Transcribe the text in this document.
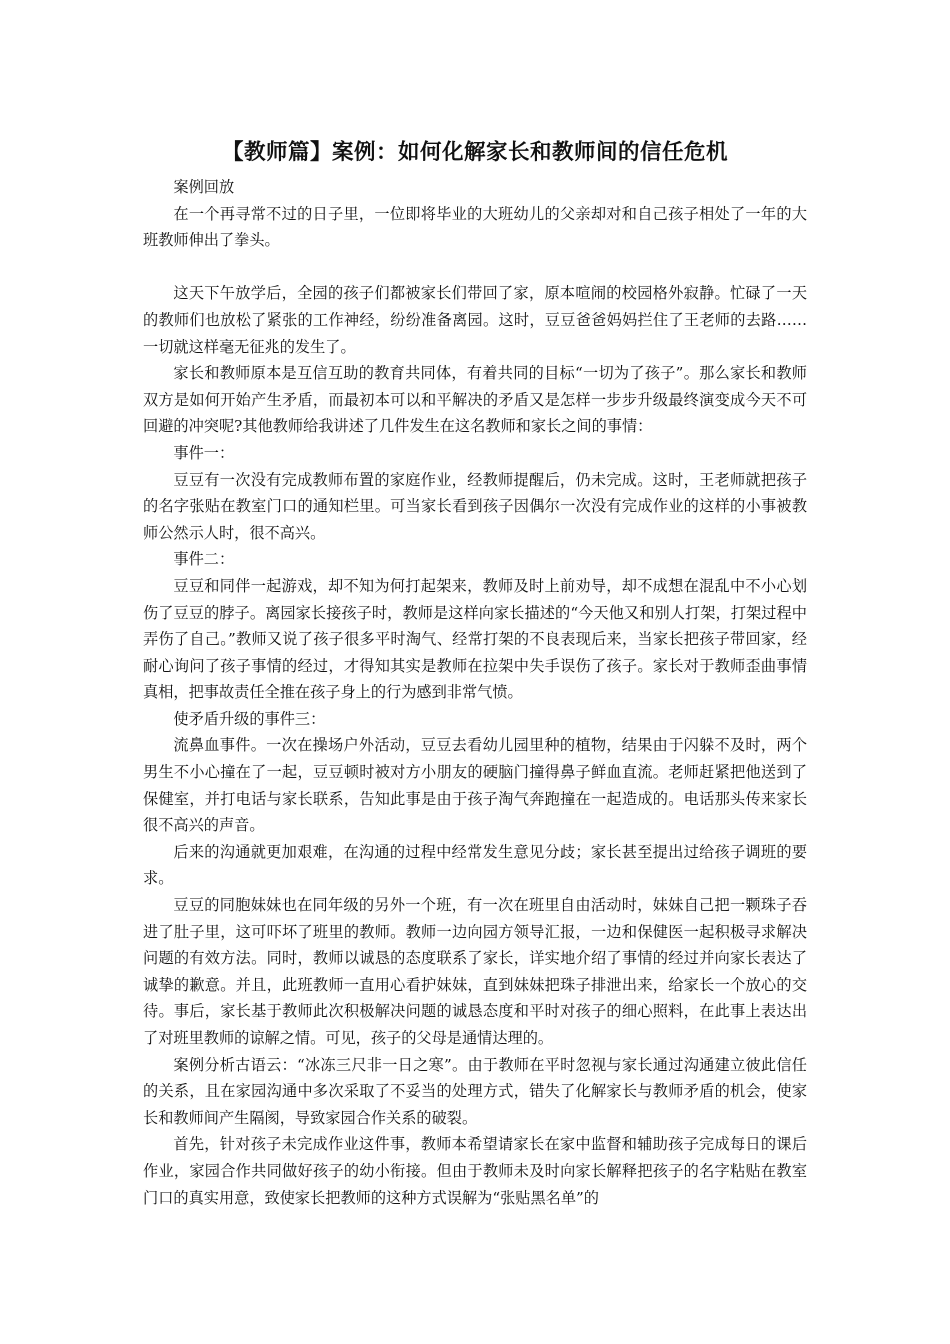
【教师篇】案例：如何化解家长和教师间的信任危机

案例回放

在一个再寻常不过的日子里，一位即将毕业的大班幼儿的父亲却对和自己孩子相处了一年的大班教师伸出了拳头。

这天下午放学后，全园的孩子们都被家长们带回了家，原本喧闹的校园格外寂静。忙碌了一天的教师们也放松了紧张的工作神经，纷纷准备离园。这时，豆豆爸爸妈妈拦住了王老师的去路……一切就这样毫无征兆的发生了。

家长和教师原本是互信互助的教育共同体，有着共同的目标“一切为了孩子”。那么家长和教师双方是如何开始产生矛盾，而最初本可以和平解决的矛盾又是怎样一步步升级最终演变成今天不可回避的冲突呢?其他教师给我讲述了几件发生在这名教师和家长之间的事情：

事件一：

豆豆有一次没有完成教师布置的家庭作业，经教师提醒后，仍未完成。这时，王老师就把孩子的名字张贴在教室门口的通知栏里。可当家长看到孩子因偶尔一次没有完成作业的这样的小事被教师公然示人时，很不高兴。

事件二：

豆豆和同伴一起游戏，却不知为何打起架来，教师及时上前劝导，却不成想在混乱中不小心划伤了豆豆的脖子。离园家长接孩子时，教师是这样向家长描述的“今天他又和别人打架，打架过程中弄伤了自己。”教师又说了孩子很多平时淘气、经常打架的不良表现后来，当家长把孩子带回家，经耐心询问了孩子事情的经过，才得知其实是教师在拉架中失手误伤了孩子。家长对于教师歪曲事情真相，把事故责任全推在孩子身上的行为感到非常气愤。

使矛盾升级的事件三：

流鼻血事件。一次在操场户外活动，豆豆去看幼儿园里种的植物，结果由于闪躲不及时，两个男生不小心撞在了一起，豆豆顿时被对方小朋友的硬脑门撞得鼻子鲜血直流。老师赶紧把他送到了保健室，并打电话与家长联系，告知此事是由于孩子淘气奔跑撞在一起造成的。电话那头传来家长很不高兴的声音。

后来的沟通就更加艰难，在沟通的过程中经常发生意见分歧；家长甚至提出过给孩子调班的要求。

豆豆的同胞妹妹也在同年级的另外一个班，有一次在班里自由活动时，妹妹自己把一颗珠子吞进了肚子里，这可吓坏了班里的教师。教师一边向园方领导汇报，一边和保健医一起积极寻求解决问题的有效方法。同时，教师以诚恳的态度联系了家长，详实地介绍了事情的经过并向家长表达了诚挚的歉意。并且，此班教师一直用心看护妹妹，直到妹妹把珠子排泄出来，给家长一个放心的交待。事后，家长基于教师此次积极解决问题的诚恳态度和平时对孩子的细心照料，在此事上表达出了对班里教师的谅解之情。可见，孩子的父母是通情达理的。

案例分析古语云：“冰冻三尺非一日之寒”。由于教师在平时忽视与家长通过沟通建立彼此信任的关系，且在家园沟通中多次采取了不妥当的处理方式，错失了化解家长与教师矛盾的机会，使家长和教师间产生隔阂，导致家园合作关系的破裂。

首先，针对孩子未完成作业这件事，教师本希望请家长在家中监督和辅助孩子完成每日的课后作业，家园合作共同做好孩子的幼小衔接。但由于教师未及时向家长解释把孩子的名字粘贴在教室门口的真实用意，致使家长把教师的这种方式误解为“张贴黑名单”的
